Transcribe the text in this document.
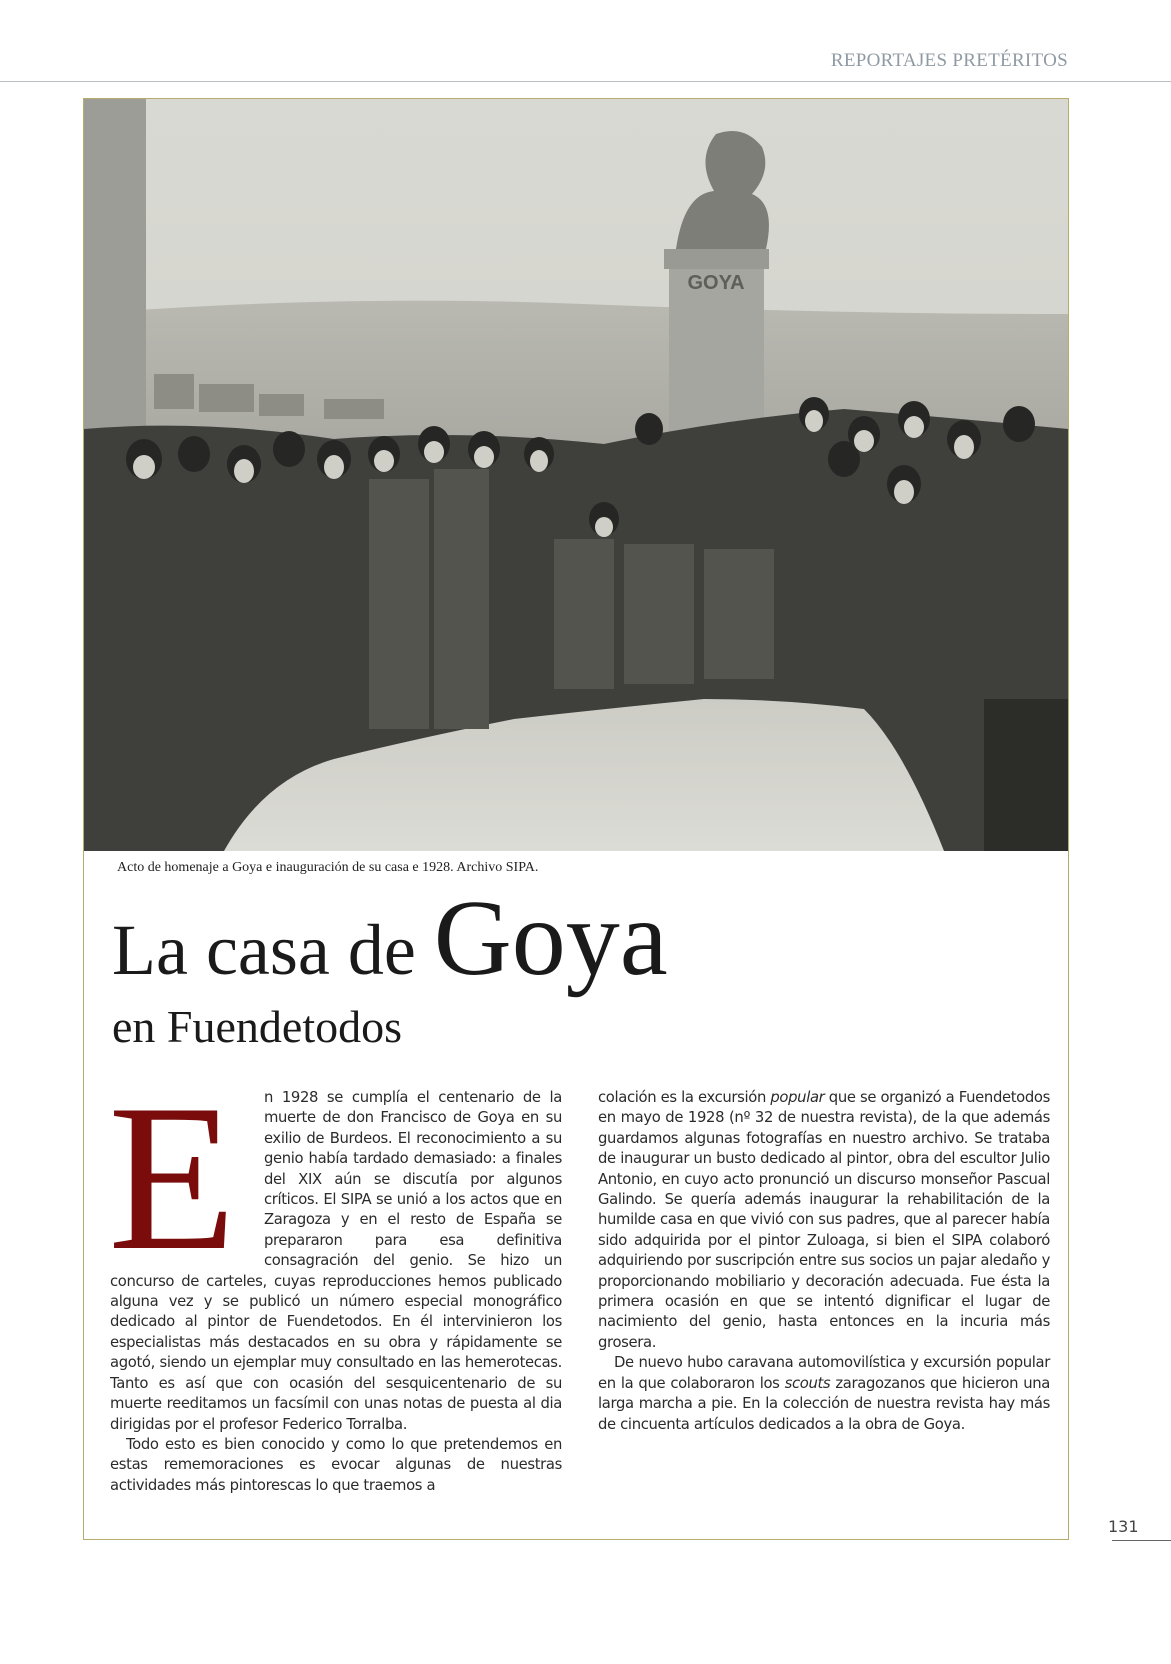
REPORTAJES PRETÉRITOS
GOYA
Acto de homenaje a Goya e inauguración de su casa e 1928. Archivo SIPA.
La casa de Goya
en Fuendetodos
E	n 1928 se cumplía el centenario de la muerte de don Francisco de Goya en su exilio de Burdeos. El reconocimiento a su genio había tardado demasiado: a finales del XIX aún se discutía por algunos críticos. El SIPA se unió a los actos que en Zaragoza y en el resto de España se prepararon para esa definitiva consagración del genio. Se hizo un concurso de carteles, cuyas reproducciones hemos publicado alguna vez y se publicó un número especial monográfico dedicado al pintor de Fuendetodos. En él intervinieron los especialistas más destacados en su obra y rápidamente se agotó, siendo un ejemplar muy consultado en las hemerotecas. Tanto es así que con ocasión del sesquicentenario de su muerte reeditamos un facsímil con unas notas de puesta al dia dirigidas por el profesor Federico Torralba.

Todo esto es bien conocido y como lo que pretendemos en estas rememoraciones es evocar algunas de nuestras actividades más pintorescas lo que traemos a

colación es la excursión popular que se organizó a Fuendetodos en mayo de 1928 (nº 32 de nuestra revista), de la que además guardamos algunas fotografías en nuestro archivo. Se trataba de inaugurar un busto dedicado al pintor, obra del escultor Julio Antonio, en cuyo acto pronunció un discurso monseñor Pascual Galindo. Se quería además inaugurar la rehabilitación de la humilde casa en que vivió con sus padres, que al parecer había sido adquirida por el pintor Zuloaga, si bien el SIPA colaboró adquiriendo por suscripción entre sus socios un pajar aledaño y proporcionando mobiliario y decoración adecuada. Fue ésta la primera ocasión en que se intentó dignificar el lugar de nacimiento del genio, hasta entonces en la incuria más grosera.

De nuevo hubo caravana automovilística y excursión popular en la que colaboraron los scouts zaragozanos que hicieron una larga marcha a pie. En la colección de nuestra revista hay más de cincuenta artículos dedicados a la obra de Goya.

131
